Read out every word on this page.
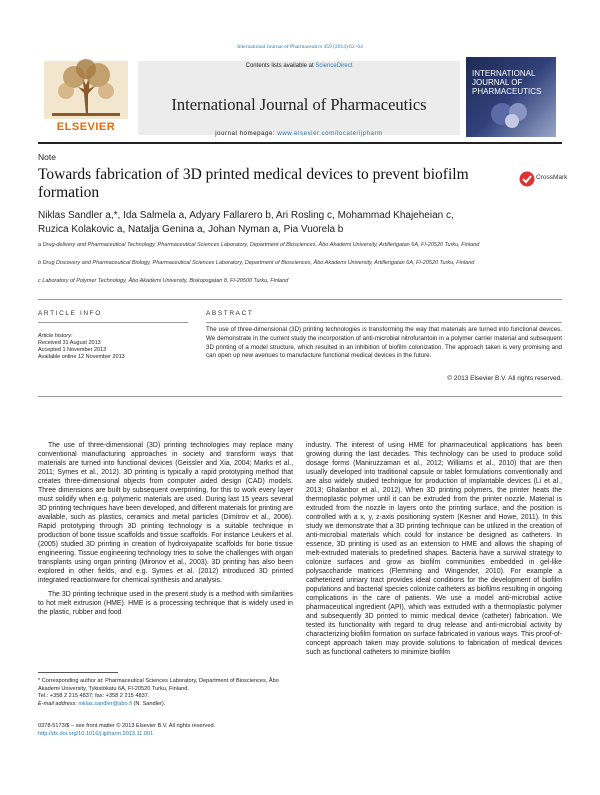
International Journal of Pharmaceutics 459 (2014) 62–64
ELSEVIER
Contents lists available at ScienceDirect
International Journal of Pharmaceutics
journal homepage: www.elsevier.com/locate/ijpharm
INTERNATIONAL JOURNAL OF PHARMACEUTICS
Note
Towards fabrication of 3D printed medical devices to prevent biofilm formation
CrossMark
Niklas Sandler a,*, Ida Salmela a, Adyary Fallarero b, Ari Rosling c, Mohammad Khajeheian c,
Ruzica Kolakovic a, Natalja Genina a, Johan Nyman a, Pia Vuorela b
a Drug-delivery and Pharmaceutical Technology, Pharmaceutical Sciences Laboratory, Department of Biosciences, Åbo Akademi University, Artillerigatan 6A, FI-20520 Turku, Finland
b Drug Discovery and Pharmaceutical Biology, Pharmaceutical Sciences Laboratory, Department of Biosciences, Åbo Akademi University, Artillerigatan 6A, FI-20520 Turku, Finland
c Laboratory of Polymer Technology, Åbo Akademi University, Biskopsgatan 8, FI-20500 Turku, Finland
ARTICLE INFO
Article history:
Received 31 August 2013
Accepted 1 November 2013
Available online 12 November 2013
ABSTRACT
The use of three-dimensional (3D) printing technologies is transforming the way that materials are turned into functional devices. We demonstrate in the current study the incorporation of anti-microbial nitrofurantoin in a polymer carrier material and subsequent 3D printing of a model structure, which resulted in an inhibition of biofilm colonization. The approach taken is very promising and can open up new avenues to manufacture functional medical devices in the future.
© 2013 Elsevier B.V. All rights reserved.

The use of three-dimensional (3D) printing technologies may replace many conventional manufacturing approaches in society and transform ways that materials are turned into functional devices (Geissler and Xia, 2004; Marks et al., 2011; Symes et al., 2012). 3D printing is typically a rapid prototyping method that creates three-dimensional objects from computer aided design (CAD) models. Three dimensions are built by subsequent overprinting, for this to work every layer must solidify when e.g. polymeric materials are used. During last 15 years several 3D printing techniques have been developed, and different materials for printing are available, such as plastics, ceramics and metal particles (Dimitrov et al., 2006). Rapid prototyping through 3D printing technology is a suitable technique in production of bone tissue scaffolds and tissue scaffolds. For instance Leukers et al. (2005) studied 3D printing in creation of hydroxyapatite scaffolds for bone tissue engineering. Tissue engineering technology tries to solve the challenges with organ transplants using organ printing (Mironov et al., 2003). 3D printing has also been explored in other fields, and e.g. Symes et al. (2012) introduced 3D printed integrated reactionware for chemical synthesis and analysis.

The 3D printing technique used in the present study is a method with similarities to hot melt extrusion (HME). HME is a processing technique that is widely used in the plastic, rubber and food

industry. The interest of using HME for pharmaceutical applications has been growing during the last decades. This technology can be used to produce solid dosage forms (Maniruzzaman et al., 2012; Williams et al., 2010) that are then usually developed into traditional capsule or tablet formulations conventionally and are also widely studied technique for production of implantable devices (Li et al., 2013; Ghalanbor et al., 2012). When 3D printing polymers, the printer heats the thermoplastic polymer until it can be extruded from the printer nozzle. Material is extruded from the nozzle in layers onto the printing surface, and the position is controlled with a x, y, z-axis positioning system (Kesner and Howe, 2011). In this study we demonstrate that a 3D printing technique can be utilized in the creation of anti-microbial materials which could for instance be designed as catheters. In essence, 3D printing is used as an extension to HME and allows the shaping of melt-extruded materials to predefined shapes. Bacteria have a survival strategy to colonize surfaces and grow as biofilm communities embedded in gel-like polysaccharide matrices (Flemming and Wingender, 2010). For example a catheterized urinary tract provides ideal conditions for the development of biofilm populations and bacterial species colonize catheters as biofilms resulting in ongoing complications in the care of patients. We use a model anti-microbial active pharmaceutical ingredient (API), which was extruded with a thermoplastic polymer and subsequently 3D printed to mimic medical device (catheter) fabrication. We tested its functionality with regard to drug release and anti-microbial activity by characterizing biofilm formation on surface fabricated in various ways. This proof-of-concept approach taken may provide solutions to fabrication of medical devices such as functional catheters to minimize biofilm

* Corresponding author at: Pharmaceutical Sciences Laboratory, Department of Biosciences, Åbo Akademi University, Tykistökatu 6A, FI-20520 Turku, Finland.
Tel.: +358 2 215 4837; fax: +358 2 215 4837.
E-mail address: niklas.sandler@abo.fi (N. Sandler).
0378-5173/$ – see front matter © 2013 Elsevier B.V. All rights reserved.
http://dx.doi.org/10.1016/j.ijpharm.2013.11.001
